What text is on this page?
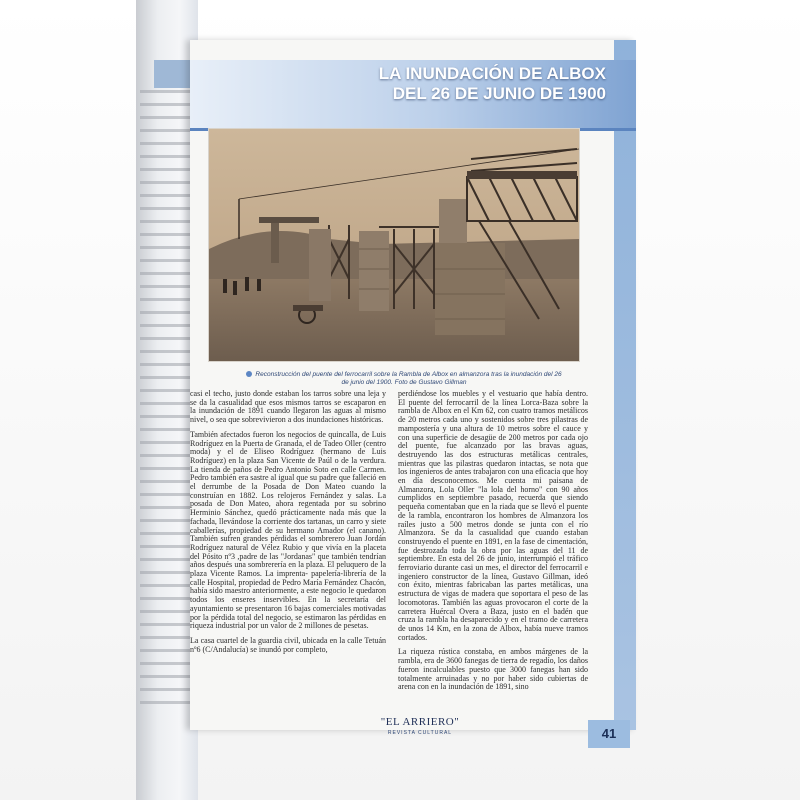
LA INUNDACIÓN DE ALBOX
DEL 26 DE JUNIO DE 1900
Reconstrucción del puente del ferrocarril sobre la Rambla de Albox en almanzora tras la inundación del 26 de junio del 1900. Foto de Gustavo Gillman

casi el techo, justo donde estaban los tarros sobre una leja y se da la casualidad que esos mismos tarros se escaparon en la inundación de 1891 cuando llegaron las aguas al mismo nivel, o sea que sobrevivieron a dos inundaciones históricas.

También afectados fueron los negocios de quincalla, de Luis Rodríguez en la Puerta de Granada, el de Tadeo Oller (centro moda) y el de Eliseo Rodríguez (hermano de Luis Rodríguez) en la plaza San Vicente de Paúl o de la verdura. La tienda de paños de Pedro Antonio Soto en calle Carmen. Pedro también era sastre al igual que su padre que falleció en el derrumbe de la Posada de Don Mateo cuando la construían en 1882. Los relojeros Fernández y salas. La posada de Don Mateo, ahora regentada por su sobrino Herminio Sánchez, quedó prácticamente nada más que la fachada, llevándose la corriente dos tartanas, un carro y siete caballerías, propiedad de su hermano Amador (el canano). También sufren grandes pérdidas el sombrerero Juan Jordán Rodríguez natural de Vélez Rubio y que vivía en la placeta del Pósito nº3 ,padre de las "Jordanas" que también tendrían años después una sombrerería en la plaza. El peluquero de la plaza Vicente Ramos. La imprenta- papelería-librería de la calle Hospital, propiedad de Pedro María Fernández Chacón, había sido maestro anteriormente, a este negocio le quedaron todos los enseres inservibles. En la secretaría del ayuntamiento se presentaron 16 bajas comerciales motivadas por la pérdida total del negocio, se estimaron las pérdidas en riqueza industrial por un valor de 2 millones de pesetas.

La casa cuartel de la guardia civil, ubicada en la calle Tetuán nº6 (C/Andalucía) se inundó por completo,

perdiéndose los muebles y el vestuario que había dentro. El puente del ferrocarril de la línea Lorca-Baza sobre la rambla de Albox en el Km 62, con cuatro tramos metálicos de 20 metros cada uno y sostenidos sobre tres pilastras de mampostería y una altura de 10 metros sobre el cauce y con una superficie de desagüe de 200 metros por cada ojo del puente, fue alcanzado por las bravas aguas, destruyendo las dos estructuras metálicas centrales, mientras que las pilastras quedaron intactas, se nota que los ingenieros de antes trabajaron con una eficacia que hoy en día desconocemos. Me cuenta mi paisana de Almanzora, Lola Oller "la lola del horno" con 90 años cumplidos en septiembre pasado, recuerda que siendo pequeña comentaban que en la riada que se llevó el puente de la rambla, encontraron los hombres de Almanzora los raíles justo a 500 metros donde se junta con el río Almanzora. Se da la casualidad que cuando estaban construyendo el puente en 1891, en la fase de cimentación, fue destrozada toda la obra por las aguas del 11 de septiembre. En esta del 26 de junio, interrumpió el tráfico ferroviario durante casi un mes, el director del ferrocarril e ingeniero constructor de la línea, Gustavo Gillman, ideó con éxito, mientras fabricaban las partes metálicas, una estructura de vigas de madera que soportara el peso de las locomotoras. También las aguas provocaron el corte de la carretera Huércal Overa a Baza, justo en el badén que cruza la rambla ha desaparecido y en el tramo de carretera de unos 14 Km, en la zona de Albox, había nueve tramos cortados.

La riqueza rústica constaba, en ambos márgenes de la rambla, era de 3600 fanegas de tierra de regadío, los daños fueron incalculables puesto que 3000 fanegas han sido totalmente arruinadas y no por haber sido cubiertas de arena con en la inundación de 1891, sino

"EL ARRIERO"
REVISTA CULTURAL	41
